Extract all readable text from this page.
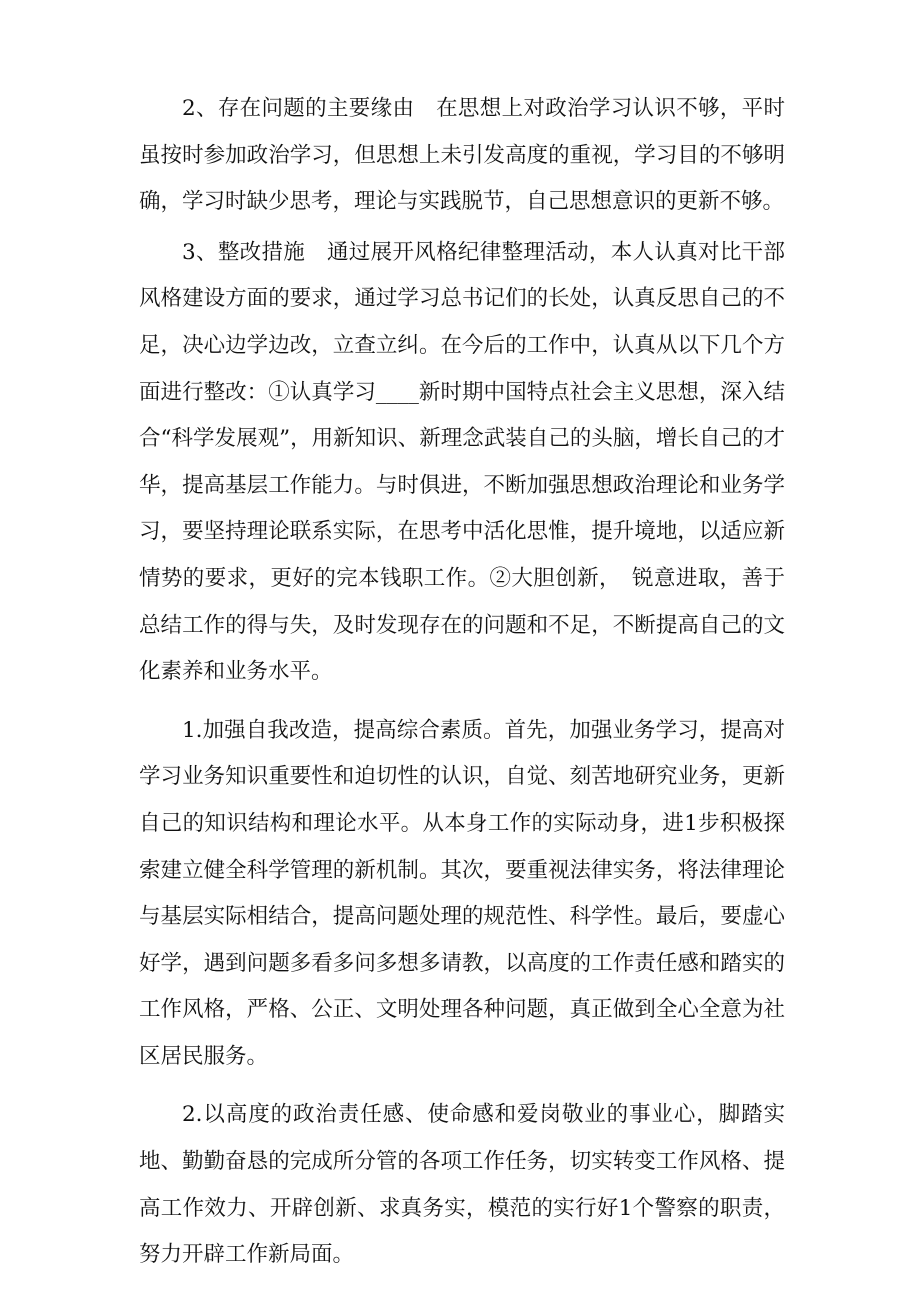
2、存在问题的主要缘由　在思想上对政治学习认识不够，平时虽按时参加政治学习，但思想上未引发高度的重视，学习目的不够明确，学习时缺少思考，理论与实践脱节，自己思想意识的更新不够。

3、整改措施　通过展开风格纪律整理活动，本人认真对比干部风格建设方面的要求，通过学习总书记们的长处，认真反思自己的不足，决心边学边改，立查立纠。在今后的工作中，认真从以下几个方面进行整改：①认真学习____新时期中国特点社会主义思想，深入结合“科学发展观”，用新知识、新理念武装自己的头脑，增长自己的才华，提高基层工作能力。与时俱进，不断加强思想政治理论和业务学习，要坚持理论联系实际，在思考中活化思惟，提升境地，以适应新情势的要求，更好的完本钱职工作。②大胆创新，　锐意进取，善于总结工作的得与失，及时发现存在的问题和不足，不断提高自己的文化素养和业务水平。

1.加强自我改造，提高综合素质。首先，加强业务学习，提高对学习业务知识重要性和迫切性的认识，自觉、刻苦地研究业务，更新自己的知识结构和理论水平。从本身工作的实际动身，进1步积极探索建立健全科学管理的新机制。其次，要重视法律实务，将法律理论与基层实际相结合，提高问题处理的规范性、科学性。最后，要虚心好学，遇到问题多看多问多想多请教，以高度的工作责任感和踏实的工作风格，严格、公正、文明处理各种问题，真正做到全心全意为社区居民服务。

2.以高度的政治责任感、使命感和爱岗敬业的事业心，脚踏实地、勤勤奋恳的完成所分管的各项工作任务，切实转变工作风格、提高工作效力、开辟创新、求真务实，模范的实行好1个警察的职责，努力开辟工作新局面。
